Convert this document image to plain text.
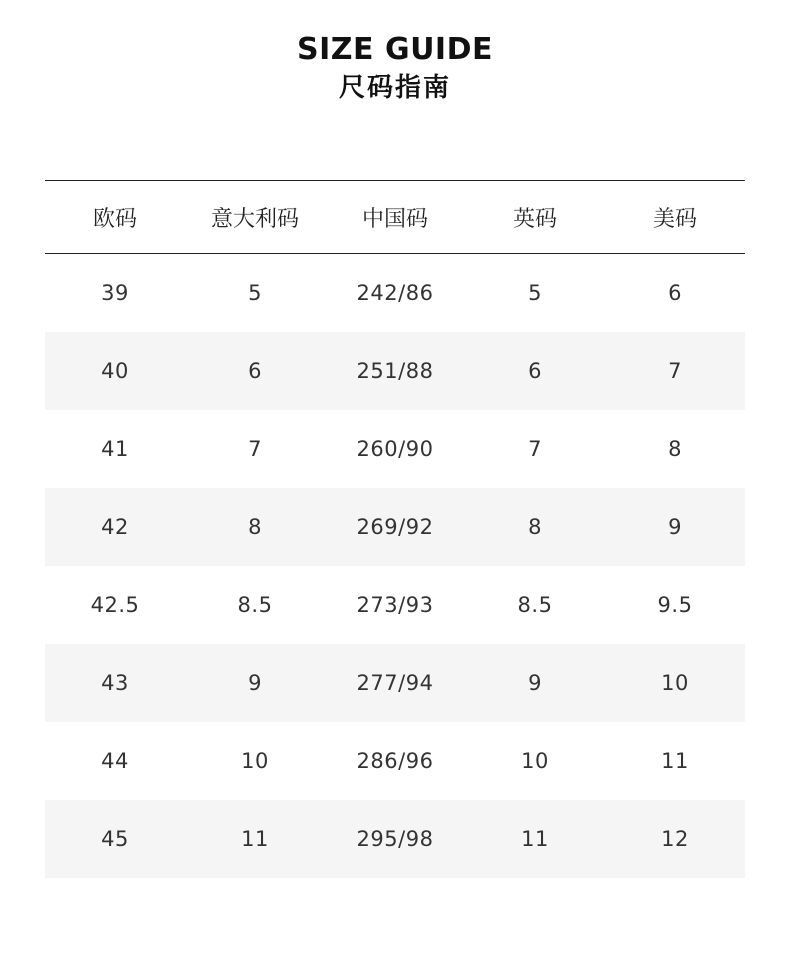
SIZE GUIDE
尺码指南
欧码	意大利码	中国码	英码	美码
39	5	242/86	5	6
40	6	251/88	6	7
41	7	260/90	7	8
42	8	269/92	8	9
42.5	8.5	273/93	8.5	9.5
43	9	277/94	9	10
44	10	286/96	10	11
45	11	295/98	11	12
